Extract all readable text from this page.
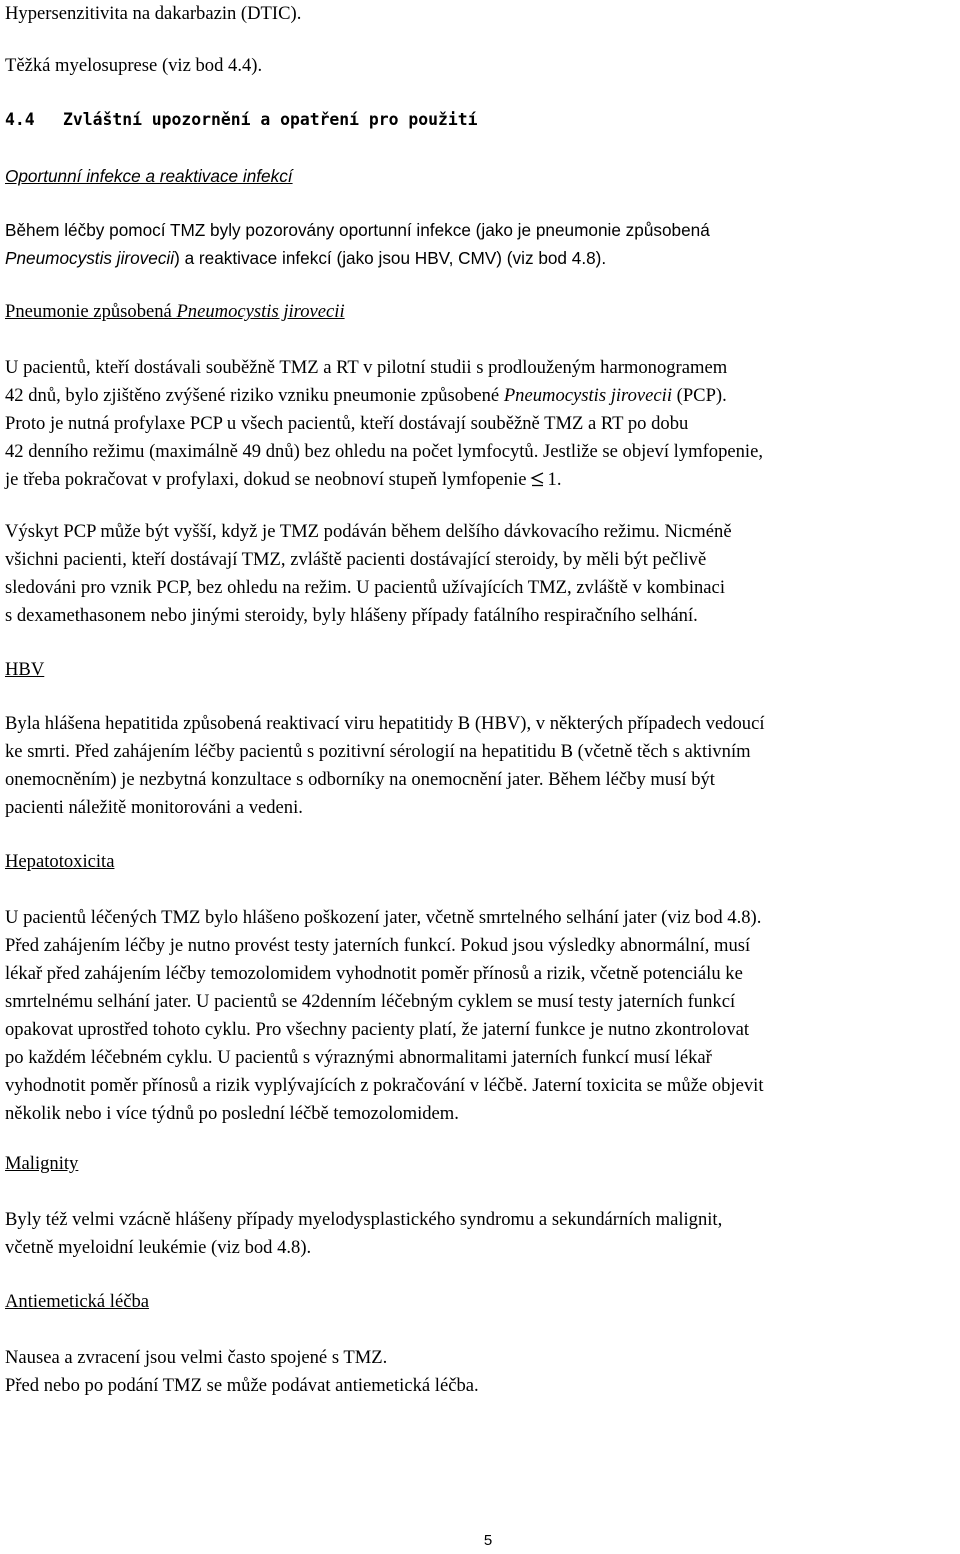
Hypersenzitivita na dakarbazin (DTIC).
Těžká myelosuprese (viz bod 4.4).
4.4 Zvláštní upozornění a opatření pro použití
Oportunní infekce a reaktivace infekcí
Během léčby pomocí TMZ byly pozorovány oportunní infekce (jako je pneumonie způsobená
Pneumocystis jirovecii) a reaktivace infekcí (jako jsou HBV, CMV) (viz bod 4.8).
Pneumonie způsobená Pneumocystis jirovecii
U pacientů, kteří dostávali souběžně TMZ a RT v pilotní studii s prodlouženým harmonogramem
42 dnů, bylo zjištěno zvýšené riziko vzniku pneumonie způsobené Pneumocystis jirovecii (PCP).
Proto je nutná profylaxe PCP u všech pacientů, kteří dostávají souběžně TMZ a RT po dobu
42 denního režimu (maximálně 49 dnů) bez ohledu na počet lymfocytů. Jestliže se objeví lymfopenie,
je třeba pokračovat v profylaxi, dokud se neobnoví stupeň lymfopenie 1.
Výskyt PCP může být vyšší, když je TMZ podáván během delšího dávkovacího režimu. Nicméně
všichni pacienti, kteří dostávají TMZ, zvláště pacienti dostávající steroidy, by měli být pečlivě
sledováni pro vznik PCP, bez ohledu na režim. U pacientů užívajících TMZ, zvláště v kombinaci
s dexamethasonem nebo jinými steroidy, byly hlášeny případy fatálního respiračního selhání.
HBV
Byla hlášena hepatitida způsobená reaktivací viru hepatitidy B (HBV), v některých případech vedoucí
ke smrti. Před zahájením léčby pacientů s pozitivní sérologií na hepatitidu B (včetně těch s aktivním
onemocněním) je nezbytná konzultace s odborníky na onemocnění jater. Během léčby musí být
pacienti náležitě monitorováni a vedeni.
Hepatotoxicita
U pacientů léčených TMZ bylo hlášeno poškození jater, včetně smrtelného selhání jater (viz bod 4.8).
Před zahájením léčby je nutno provést testy jaterních funkcí. Pokud jsou výsledky abnormální, musí
lékař před zahájením léčby temozolomidem vyhodnotit poměr přínosů a rizik, včetně potenciálu ke
smrtelnému selhání jater. U pacientů se 42denním léčebným cyklem se musí testy jaterních funkcí
opakovat uprostřed tohoto cyklu. Pro všechny pacienty platí, že jaterní funkce je nutno zkontrolovat
po každém léčebném cyklu. U pacientů s výraznými abnormalitami jaterních funkcí musí lékař
vyhodnotit poměr přínosů a rizik vyplývajících z pokračování v léčbě. Jaterní toxicita se může objevit
několik nebo i více týdnů po poslední léčbě temozolomidem.
Malignity
Byly též velmi vzácně hlášeny případy myelodysplastického syndromu a sekundárních malignit,
včetně myeloidní leukémie (viz bod 4.8).
Antiemetická léčba
Nausea a zvracení jsou velmi často spojené s TMZ.
Před nebo po podání TMZ se může podávat antiemetická léčba.
5
